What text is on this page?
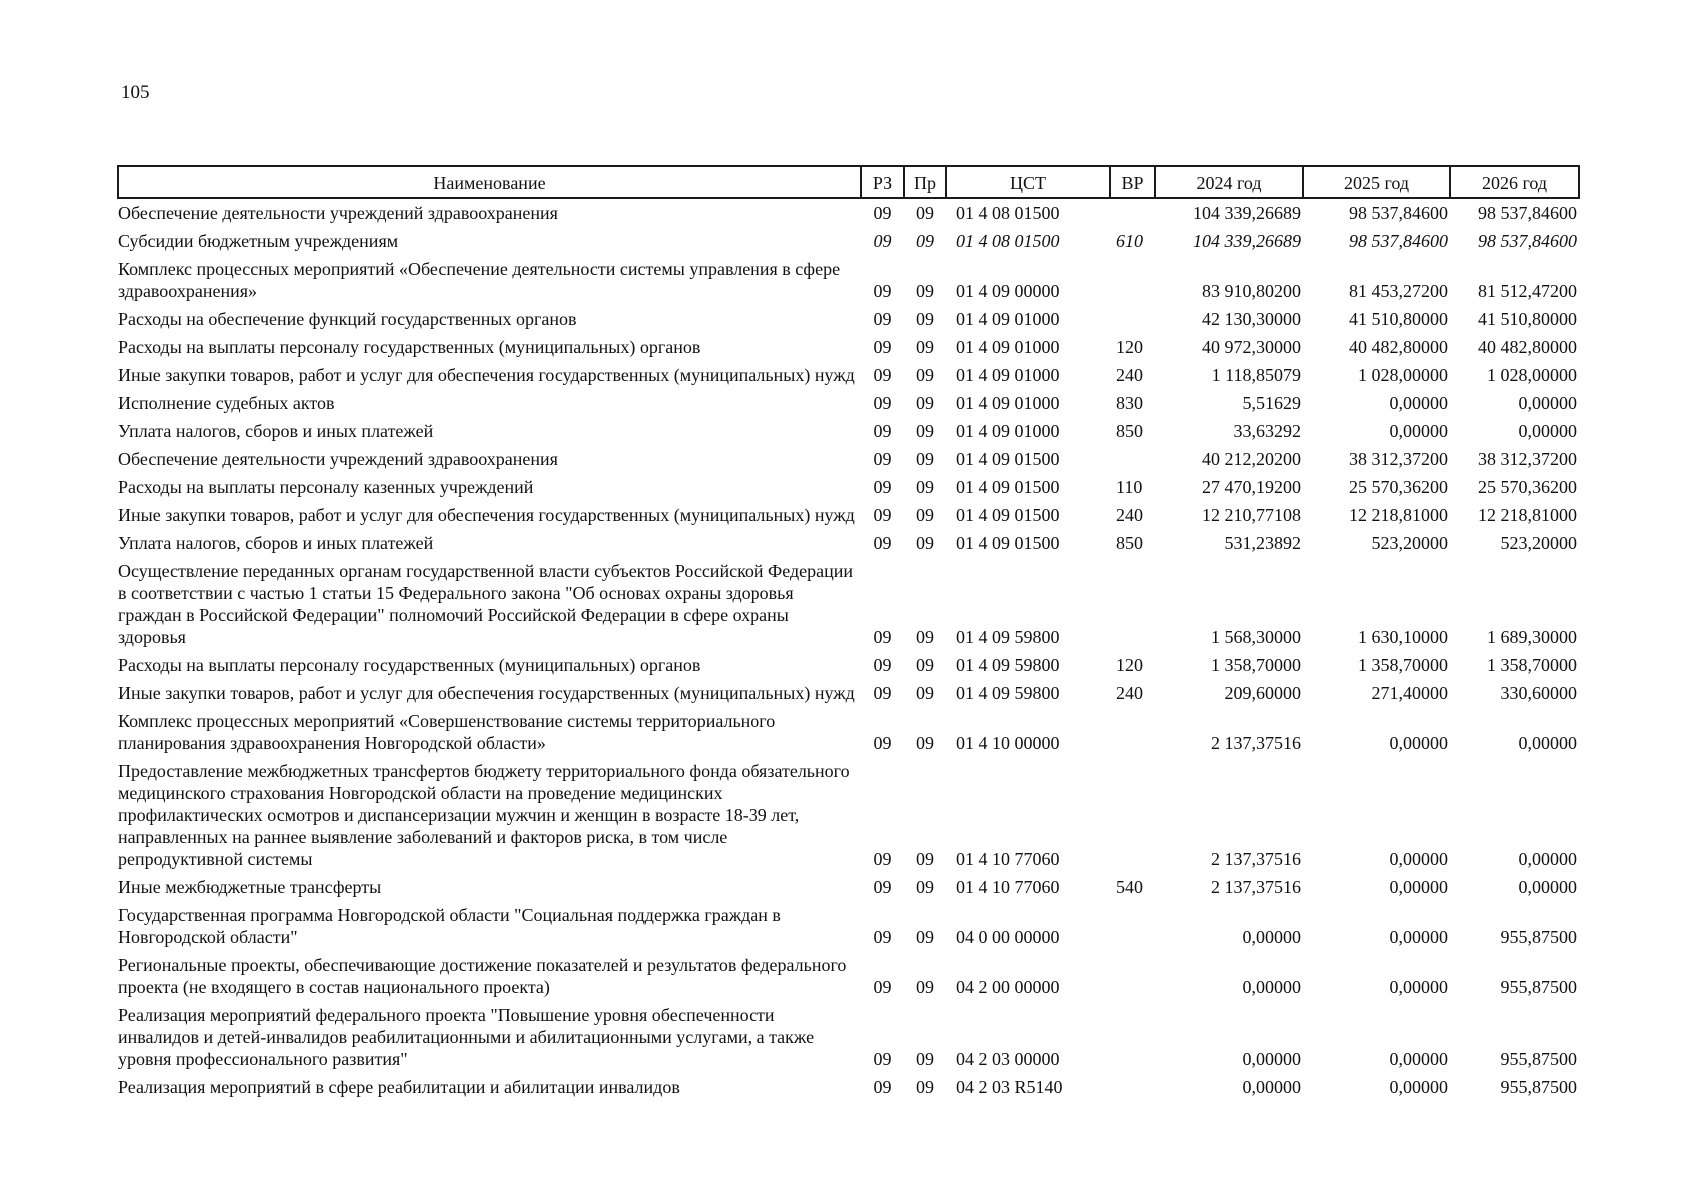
105
Наименование	РЗ	Пр	ЦСТ	ВР	2024 год	2025 год	2026 год
Обеспечение деятельности учреждений здравоохранения	09	09	01 4 08 01500		104 339,26689	98 537,84600	98 537,84600
Субсидии бюджетным учреждениям	09	09	01 4 08 01500	610	104 339,26689	98 537,84600	98 537,84600
Комплекс процессных мероприятий «Обеспечение деятельности системы управления в сфере здравоохранения»	09	09	01 4 09 00000		83 910,80200	81 453,27200	81 512,47200
Расходы на обеспечение функций государственных органов	09	09	01 4 09 01000		42 130,30000	41 510,80000	41 510,80000
Расходы на выплаты персоналу государственных (муниципальных) органов	09	09	01 4 09 01000	120	40 972,30000	40 482,80000	40 482,80000
Иные закупки товаров, работ и услуг для обеспечения государственных (муниципальных) нужд	09	09	01 4 09 01000	240	1 118,85079	1 028,00000	1 028,00000
Исполнение судебных актов	09	09	01 4 09 01000	830	5,51629	0,00000	0,00000
Уплата налогов, сборов и иных платежей	09	09	01 4 09 01000	850	33,63292	0,00000	0,00000
Обеспечение деятельности учреждений здравоохранения	09	09	01 4 09 01500		40 212,20200	38 312,37200	38 312,37200
Расходы на выплаты персоналу казенных учреждений	09	09	01 4 09 01500	110	27 470,19200	25 570,36200	25 570,36200
Иные закупки товаров, работ и услуг для обеспечения государственных (муниципальных) нужд	09	09	01 4 09 01500	240	12 210,77108	12 218,81000	12 218,81000
Уплата налогов, сборов и иных платежей	09	09	01 4 09 01500	850	531,23892	523,20000	523,20000
Осуществление переданных органам государственной власти субъектов Российской Федерации в соответствии с частью 1 статьи 15 Федерального закона "Об основах охраны здоровья граждан в Российской Федерации" полномочий Российской Федерации в сфере охраны здоровья	09	09	01 4 09 59800		1 568,30000	1 630,10000	1 689,30000
Расходы на выплаты персоналу государственных (муниципальных) органов	09	09	01 4 09 59800	120	1 358,70000	1 358,70000	1 358,70000
Иные закупки товаров, работ и услуг для обеспечения государственных (муниципальных) нужд	09	09	01 4 09 59800	240	209,60000	271,40000	330,60000
Комплекс процессных мероприятий «Совершенствование системы территориального планирования здравоохранения Новгородской области»	09	09	01 4 10 00000		2 137,37516	0,00000	0,00000
Предоставление межбюджетных трансфертов бюджету территориального фонда обязательного медицинского страхования Новгородской области на проведение медицинских профилактических осмотров и диспансеризации мужчин и женщин в возрасте 18-39 лет, направленных на раннее выявление заболеваний и факторов риска, в том числе репродуктивной системы	09	09	01 4 10 77060		2 137,37516	0,00000	0,00000
Иные межбюджетные трансферты	09	09	01 4 10 77060	540	2 137,37516	0,00000	0,00000
Государственная программа Новгородской области "Социальная поддержка граждан в Новгородской области"	09	09	04 0 00 00000		0,00000	0,00000	955,87500
Региональные проекты, обеспечивающие достижение показателей и результатов федерального проекта (не входящего в состав национального проекта)	09	09	04 2 00 00000		0,00000	0,00000	955,87500
Реализация мероприятий федерального проекта "Повышение уровня обеспеченности инвалидов и детей-инвалидов реабилитационными и абилитационными услугами, а также уровня профессионального развития"	09	09	04 2 03 00000		0,00000	0,00000	955,87500
Реализация мероприятий в сфере реабилитации и абилитации инвалидов	09	09	04 2 03 R5140		0,00000	0,00000	955,87500
